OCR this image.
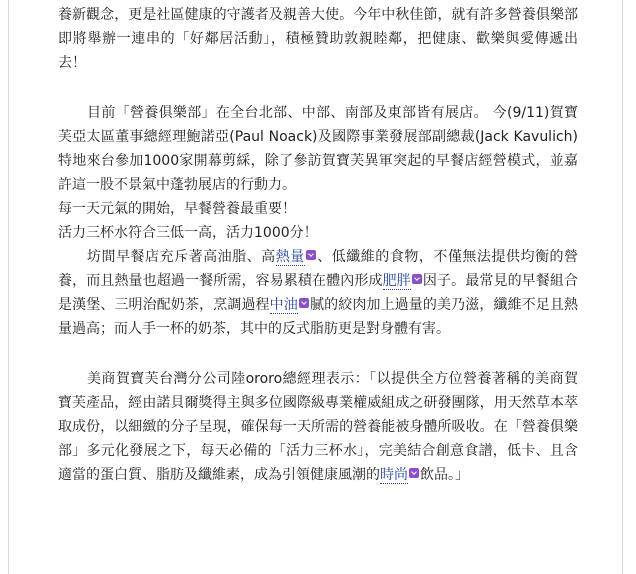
養新觀念，更是社區健康的守護者及親善大使。今年中秋佳節，就有許多營養俱樂部即將舉辦一連串的「好鄰居活動」，積極贊助敦親睦鄰，把健康、歡樂與愛傳遞出去！

目前「營養俱樂部」在全台北部、中部、南部及東部皆有展店。 今(9/11)賀寶芙亞太區董事總經理鮑諾亞(Paul Noack)及國際事業發展部副總裁(Jack Kavulich) 特地來台參加1000家開幕剪綵，除了參訪賀寶芙異軍突起的早餐店經營模式，並嘉許這一股不景氣中蓬勃展店的行動力。

每一天元氣的開始，早餐營養最重要！

活力三杯水符合三低一高，活力1000分！

坊間早餐店充斥著高油脂、高熱量 、低纖維的食物，不僅無法提供均衡的營養，而且熱量也超過一餐所需，容易累積在體內形成肥胖 因子。最常見的早餐組合是漢堡、三明治配奶茶，烹調過程中油 膩的絞肉加上過量的美乃滋，纖維不足且熱量過高；而人手一杯的奶茶，其中的反式脂肪更是對身體有害。

美商賀寶芙台灣分公司陸ororo總經理表示：「以提供全方位營養著稱的美商賀寶芙產品，經由諾貝爾獎得主與多位國際級專業權威組成之研發團隊，用天然草本萃取成份，以細緻的分子呈現，確保每一天所需的營養能被身體所吸收。在「營養俱樂部」多元化發展之下，每天必備的「活力三杯水」，完美結合創意食譜，低卡、且含適當的蛋白質、脂肪及纖維素，成為引領健康風潮的時尚 飲品。」
